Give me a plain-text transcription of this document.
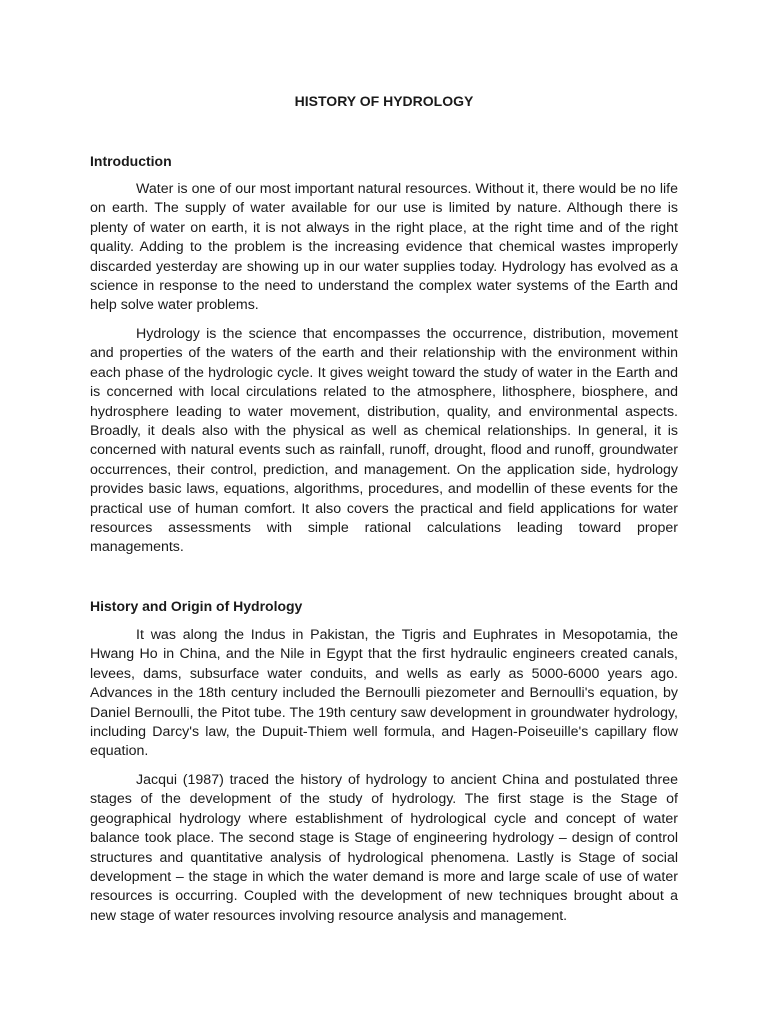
HISTORY OF HYDROLOGY
Introduction

Water is one of our most important natural resources. Without it, there would be no life on earth. The supply of water available for our use is limited by nature. Although there is plenty of water on earth, it is not always in the right place, at the right time and of the right quality. Adding to the problem is the increasing evidence that chemical wastes improperly discarded yesterday are showing up in our water supplies today. Hydrology has evolved as a science in response to the need to understand the complex water systems of the Earth and help solve water problems.

Hydrology is the science that encompasses the occurrence, distribution, movement and properties of the waters of the earth and their relationship with the environment within each phase of the hydrologic cycle. It gives weight toward the study of water in the Earth and is concerned with local circulations related to the atmosphere, lithosphere, biosphere, and hydrosphere leading to water movement, distribution, quality, and environmental aspects. Broadly, it deals also with the physical as well as chemical relationships. In general, it is concerned with natural events such as rainfall, runoff, drought, flood and runoff, groundwater occurrences, their control, prediction, and management. On the application side, hydrology provides basic laws, equations, algorithms, procedures, and modellin of these events for the practical use of human comfort. It also covers the practical and field applications for water resources assessments with simple rational calculations leading toward proper managements.

History and Origin of Hydrology

It was along the Indus in Pakistan, the Tigris and Euphrates in Mesopotamia, the Hwang Ho in China, and the Nile in Egypt that the first hydraulic engineers created canals, levees, dams, subsurface water conduits, and wells as early as 5000-6000 years ago. Advances in the 18th century included the Bernoulli piezometer and Bernoulli's equation, by Daniel Bernoulli, the Pitot tube. The 19th century saw development in groundwater hydrology, including Darcy's law, the Dupuit-Thiem well formula, and Hagen-Poiseuille's capillary flow equation.

Jacqui (1987) traced the history of hydrology to ancient China and postulated three stages of the development of the study of hydrology. The first stage is the Stage of geographical hydrology where establishment of hydrological cycle and concept of water balance took place. The second stage is Stage of engineering hydrology – design of control structures and quantitative analysis of hydrological phenomena. Lastly is Stage of social development – the stage in which the water demand is more and large scale of use of water resources is occurring. Coupled with the development of new techniques brought about a new stage of water resources involving resource analysis and management.
